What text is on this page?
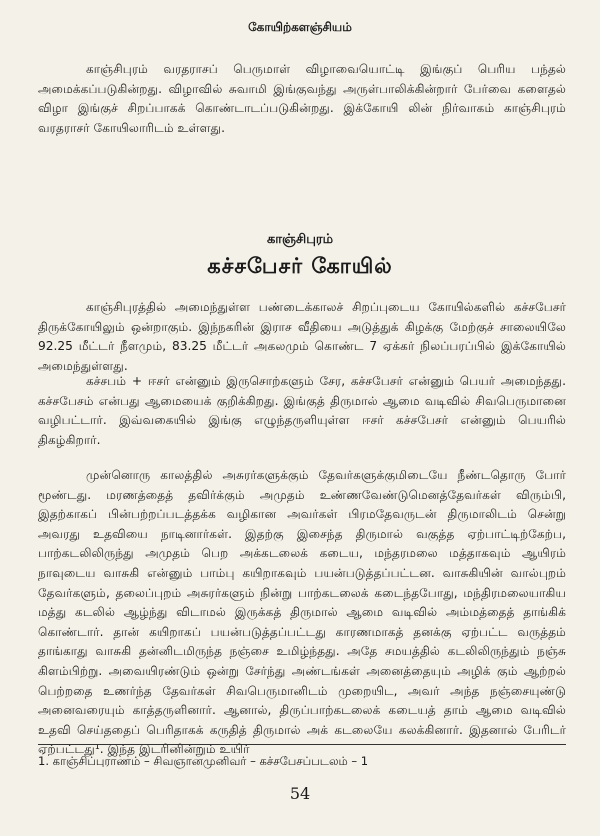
கோயிற்களஞ்சியம்

காஞ்சிபுரம் வரதராசப் பெருமாள் விழாவையொட்டி இங்குப் பெரிய பந்தல் அமைக்கப்படுகின்றது. விழாவில் சுவாமி இங்குவந்து அருள்பாலிக்கின்றார் பேர்வை களைதல் விழா இங்குச் சிறப்பாகக் கொண்டாடப்படுகின்றது. இக்கோயி லின் நிர்வாகம் காஞ்சிபுரம் வரதராசர் கோயிலாரிடம் உள்ளது.

காஞ்சிபுரம்
கச்சபேசர் கோயில்

காஞ்சிபுரத்தில் அமைந்துள்ள பண்டைக்காலச் சிறப்புடைய கோயில்களில் கச்சபேசர் திருக்கோயிலும் ஒன்றாகும். இந்நகரின் இராச வீதியை அடுத்துக் கிழக்கு மேற்குச் சாலையிலே 92.25 மீட்டர் நீளமும், 83.25 மீட்டர் அகலமும் கொண்ட 7 ஏக்கர் நிலப்பரப்பில் இக்கோயில் அமைந்துள்ளது.

கச்சபம் + ஈசர் என்னும் இருசொற்களும் சேர, கச்சபேசர் என்னும் பெயர் அமைந்தது. கச்சபேசம் என்பது ஆமையைக் குறிக்கிறது. இங்குத் திருமால் ஆமை வடிவில் சிவபெருமானை வழிபட்டார். இவ்வகையில் இங்கு எழுந்தருளியுள்ள ஈசர் கச்சபேசர் என்னும் பெயரில் திகழ்கிறார்.

முன்னொரு காலத்தில் அசுரர்களுக்கும் தேவர்களுக்குமிடையே நீண்டதொரு போர் மூண்டது. மரணத்தைத் தவிர்க்கும் அமுதம் உண்ணவேண்டுமெனத்தேவர்கள் விரும்பி, இதற்காகப் பின்பற்றப்படத்தக்க வழிகான அவர்கள் பிரமதேவருடன் திருமாலிடம் சென்று அவரது உதவியை நாடினார்கள். இதற்கு இசைந்த திருமால் வகுத்த ஏற்பாட்டிற்கேற்ப, பாற்கடலிலிருந்து அமுதம் பெற அக்கடலைக் கடைய, மந்தரமலை மத்தாகவும் ஆயிரம் நாவுடைய வாசுகி என்னும் பாம்பு கயிறாகவும் பயன்படுத்தப்பட்டன. வாசுகியின் வால்புறம் தேவர்களும், தலைப்புறம் அசுரர்களும் நின்று பாற்கடலைக் கடைந்தபோது, மந்திரமலையாகிய மத்து கடலில் ஆழ்ந்து விடாமல் இருக்கத் திருமால் ஆமை வடிவில் அம்மத்தைத் தாங்கிக் கொண்டார். தான் கயிறாகப் பயன்படுத்தப்பட்டது காரணமாகத் தனக்கு ஏற்பட்ட வருத்தம் தாங்காது வாசுகி தன்னிடமிருந்த நஞ்சை உமிழ்ந்தது. அதே சமயத்தில் கடலிலிருந்தும் நஞ்சு கிளம்பிற்று. அவையிரண்டும் ஒன்று சேர்ந்து அண்டங்கள் அனைத்தையும் அழிக் கும் ஆற்றல் பெற்றதை உணர்ந்த தேவர்கள் சிவபெருமானிடம் முறையிட, அவர் அந்த நஞ்சையுண்டு அனைவரையும் காத்தருளினார். ஆனால், திருப்பாற்கடலைக் கடையத் தாம் ஆமை வடிவில் உதவி செய்ததைப் பெரிதாகக் கருதித் திருமால் அக் கடலையே கலக்கினார். இதனால் பேரிடர் ஏற்பட்டது¹. இந்த இடரினின்றும் உயிர்

1. காஞ்சிப்புராணம் – சிவஞானமுனிவர் – கச்சபேசப்படலம் – 1
54
